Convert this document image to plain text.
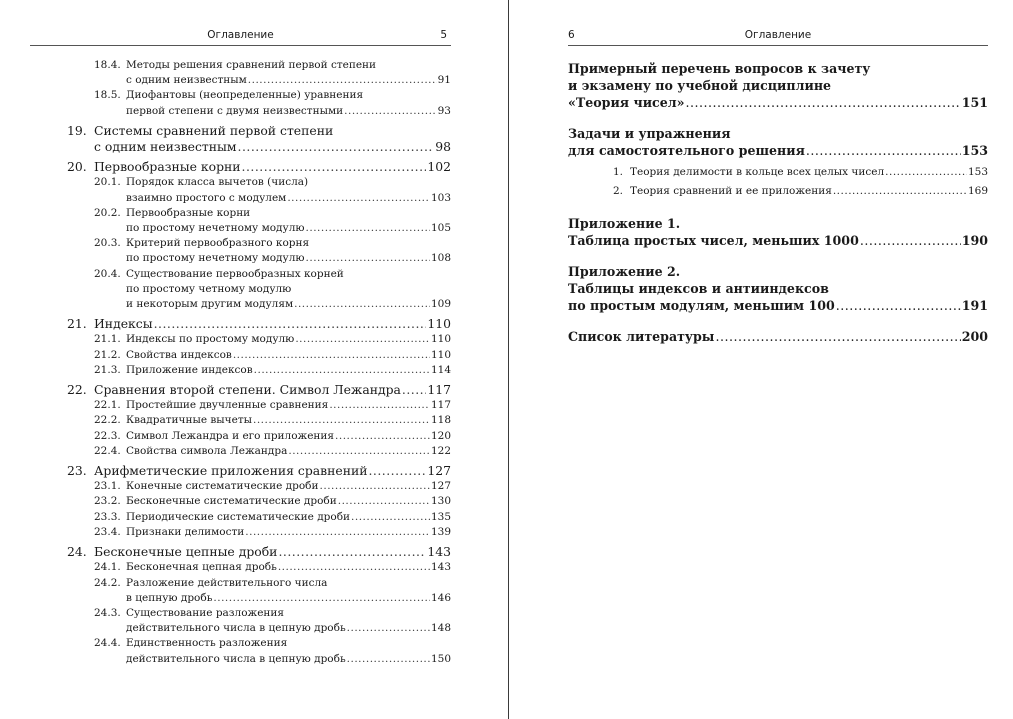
Оглавление	5
18.4. Методы решения сравнений первой степени
с одним неизвестным .....	91
18.5. Диофантовы (неопределенные) уравнения
первой степени с двумя неизвестными .....	93
19. Системы сравнений первой степени
с одним неизвестным .....	98
20. Первообразные корни .....	102
20.1. Порядок класса вычетов (числа)
взаимно простого с модулем .....	103
20.2. Первообразные корни
по простому нечетному модулю .....	105
20.3. Критерий первообразного корня
по простому нечетному модулю .....	108
20.4. Существование первообразных корней
по простому четному модулю
и некоторым другим модулям .....	109
21. Индексы .....	110
21.1. Индексы по простому модулю .....	110
21.2. Свойства индексов .....	110
21.3. Приложение индексов .....	114
22. Сравнения второй степени. Символ Лежандра ..... 117
22.1. Простейшие двучленные сравнения .....	117
22.2. Квадратичные вычеты .....	118
22.3. Символ Лежандра и его приложения .....	120
22.4. Свойства символа Лежандра .....	122
23. Арифметические приложения сравнений .....	127
23.1. Конечные систематические дроби .....	127
23.2. Бесконечные систематические дроби .....	130
23.3. Периодические систематические дроби .....	135
23.4. Признаки делимости .....	139
24. Бесконечные цепные дроби .....	143
24.1. Бесконечная цепная дробь .....	143
24.2. Разложение действительного числа
в цепную дробь .....	146
24.3. Существование разложения
действительного числа в цепную дробь .....	148
24.4. Единственность разложения
действительного числа в цепную дробь .....	150
6	Оглавление
Примерный перечень вопросов к зачету
и экзамену по учебной дисциплине
«Теория чисел» .....	151
Задачи и упражнения
для самостоятельного решения .....	153
1. Теория делимости в кольце всех целых чисел .....	153
2. Теория сравнений и ее приложения .....	169
Приложение 1.
Таблица простых чисел, меньших 1000 .....	190
Приложение 2.
Таблицы индексов и антииндексов
по простым модулям, меньшим 100 .....	191
Список литературы .....	200
